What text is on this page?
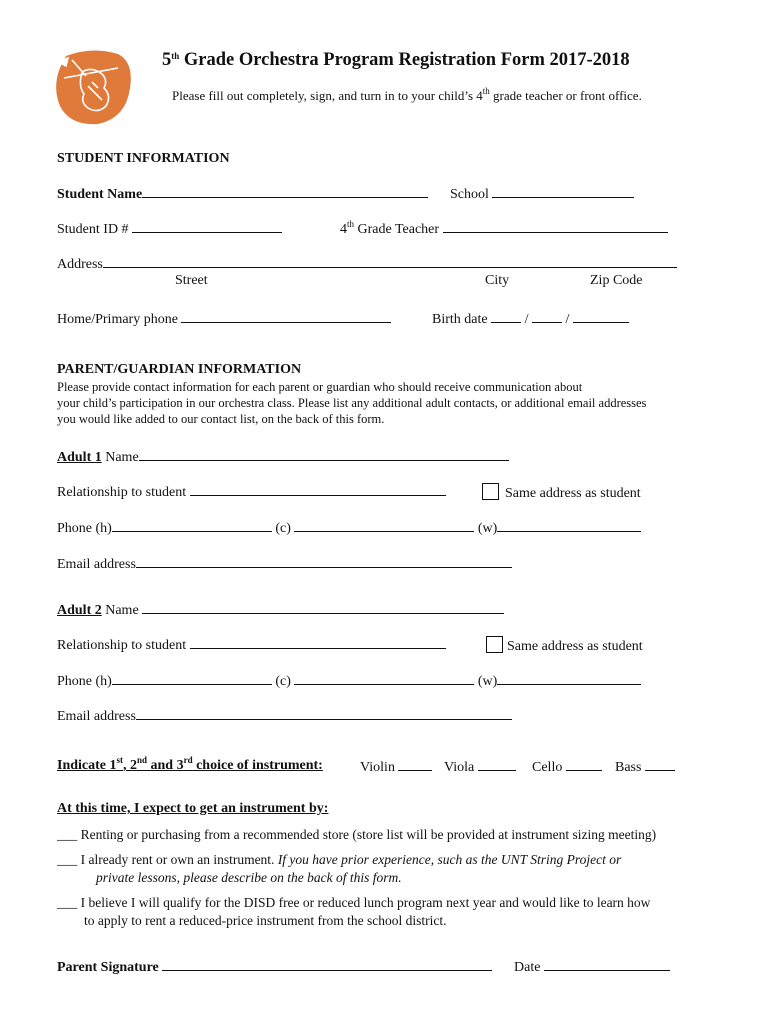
5th Grade Orchestra Program Registration Form 2017-2018
Please fill out completely, sign, and turn in to your child’s 4th grade teacher or front office.
STUDENT INFORMATION
Student Name	School
Student ID #	4th Grade Teacher
Address
Street	City	Zip Code
Home/Primary phone	Birth date	/	/
PARENT/GUARDIAN INFORMATION
Please provide contact information for each parent or guardian who should receive communication about
your child’s participation in our orchestra class. Please list any additional adult contacts, or additional email addresses
you would like added to our contact list, on the back of this form.
Adult 1 Name
Relationship to student	Same address as student
Phone (h)	(c)	(w)
Email address
Adult 2 Name
Relationship to student	Same address as student
Phone (h)	(c)	(w)
Email address
Indicate 1st, 2nd and 3rd choice of instrument:	Violin	Viola	Cello	Bass
At this time, I expect to get an instrument by:
___ Renting or purchasing from a recommended store (store list will be provided at instrument sizing meeting)
___ I already rent or own an instrument. If you have prior experience, such as the UNT String Project or
private lessons, please describe on the back of this form.
___ I believe I will qualify for the DISD free or reduced lunch program next year and would like to learn how
to apply to rent a reduced-price instrument from the school district.
Parent Signature	Date
